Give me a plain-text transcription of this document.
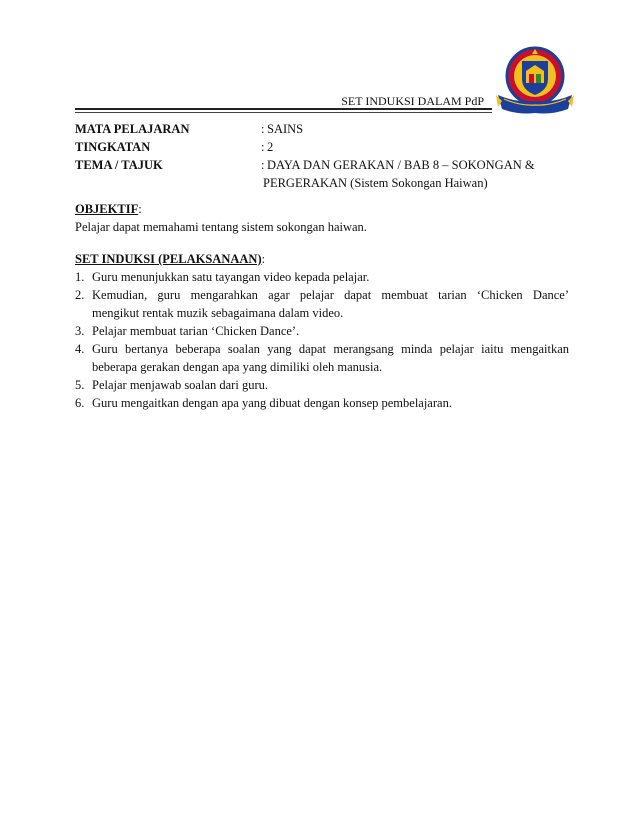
SET INDUKSI DALAM PdP
MATA PELAJARAN	: SAINS
TINGKATAN	: 2
TEMA / TAJUK	: DAYA DAN GERAKAN / BAB 8 – SOKONGAN &
PERGERAKAN (Sistem Sokongan Haiwan)
OBJEKTIF:
Pelajar dapat memahami tentang sistem sokongan haiwan.
SET INDUKSI (PELAKSANAAN):
1. Guru menunjukkan satu tayangan video kepada pelajar.
2. Kemudian, guru mengarahkan agar pelajar dapat membuat tarian ‘Chicken Dance’
mengikut rentak muzik sebagaimana dalam video.
3. Pelajar membuat tarian ‘Chicken Dance’.
4. Guru bertanya beberapa soalan yang dapat merangsang minda pelajar iaitu mengaitkan
beberapa gerakan dengan apa yang dimiliki oleh manusia.
5. Pelajar menjawab soalan dari guru.
6. Guru mengaitkan dengan apa yang dibuat dengan konsep pembelajaran.
